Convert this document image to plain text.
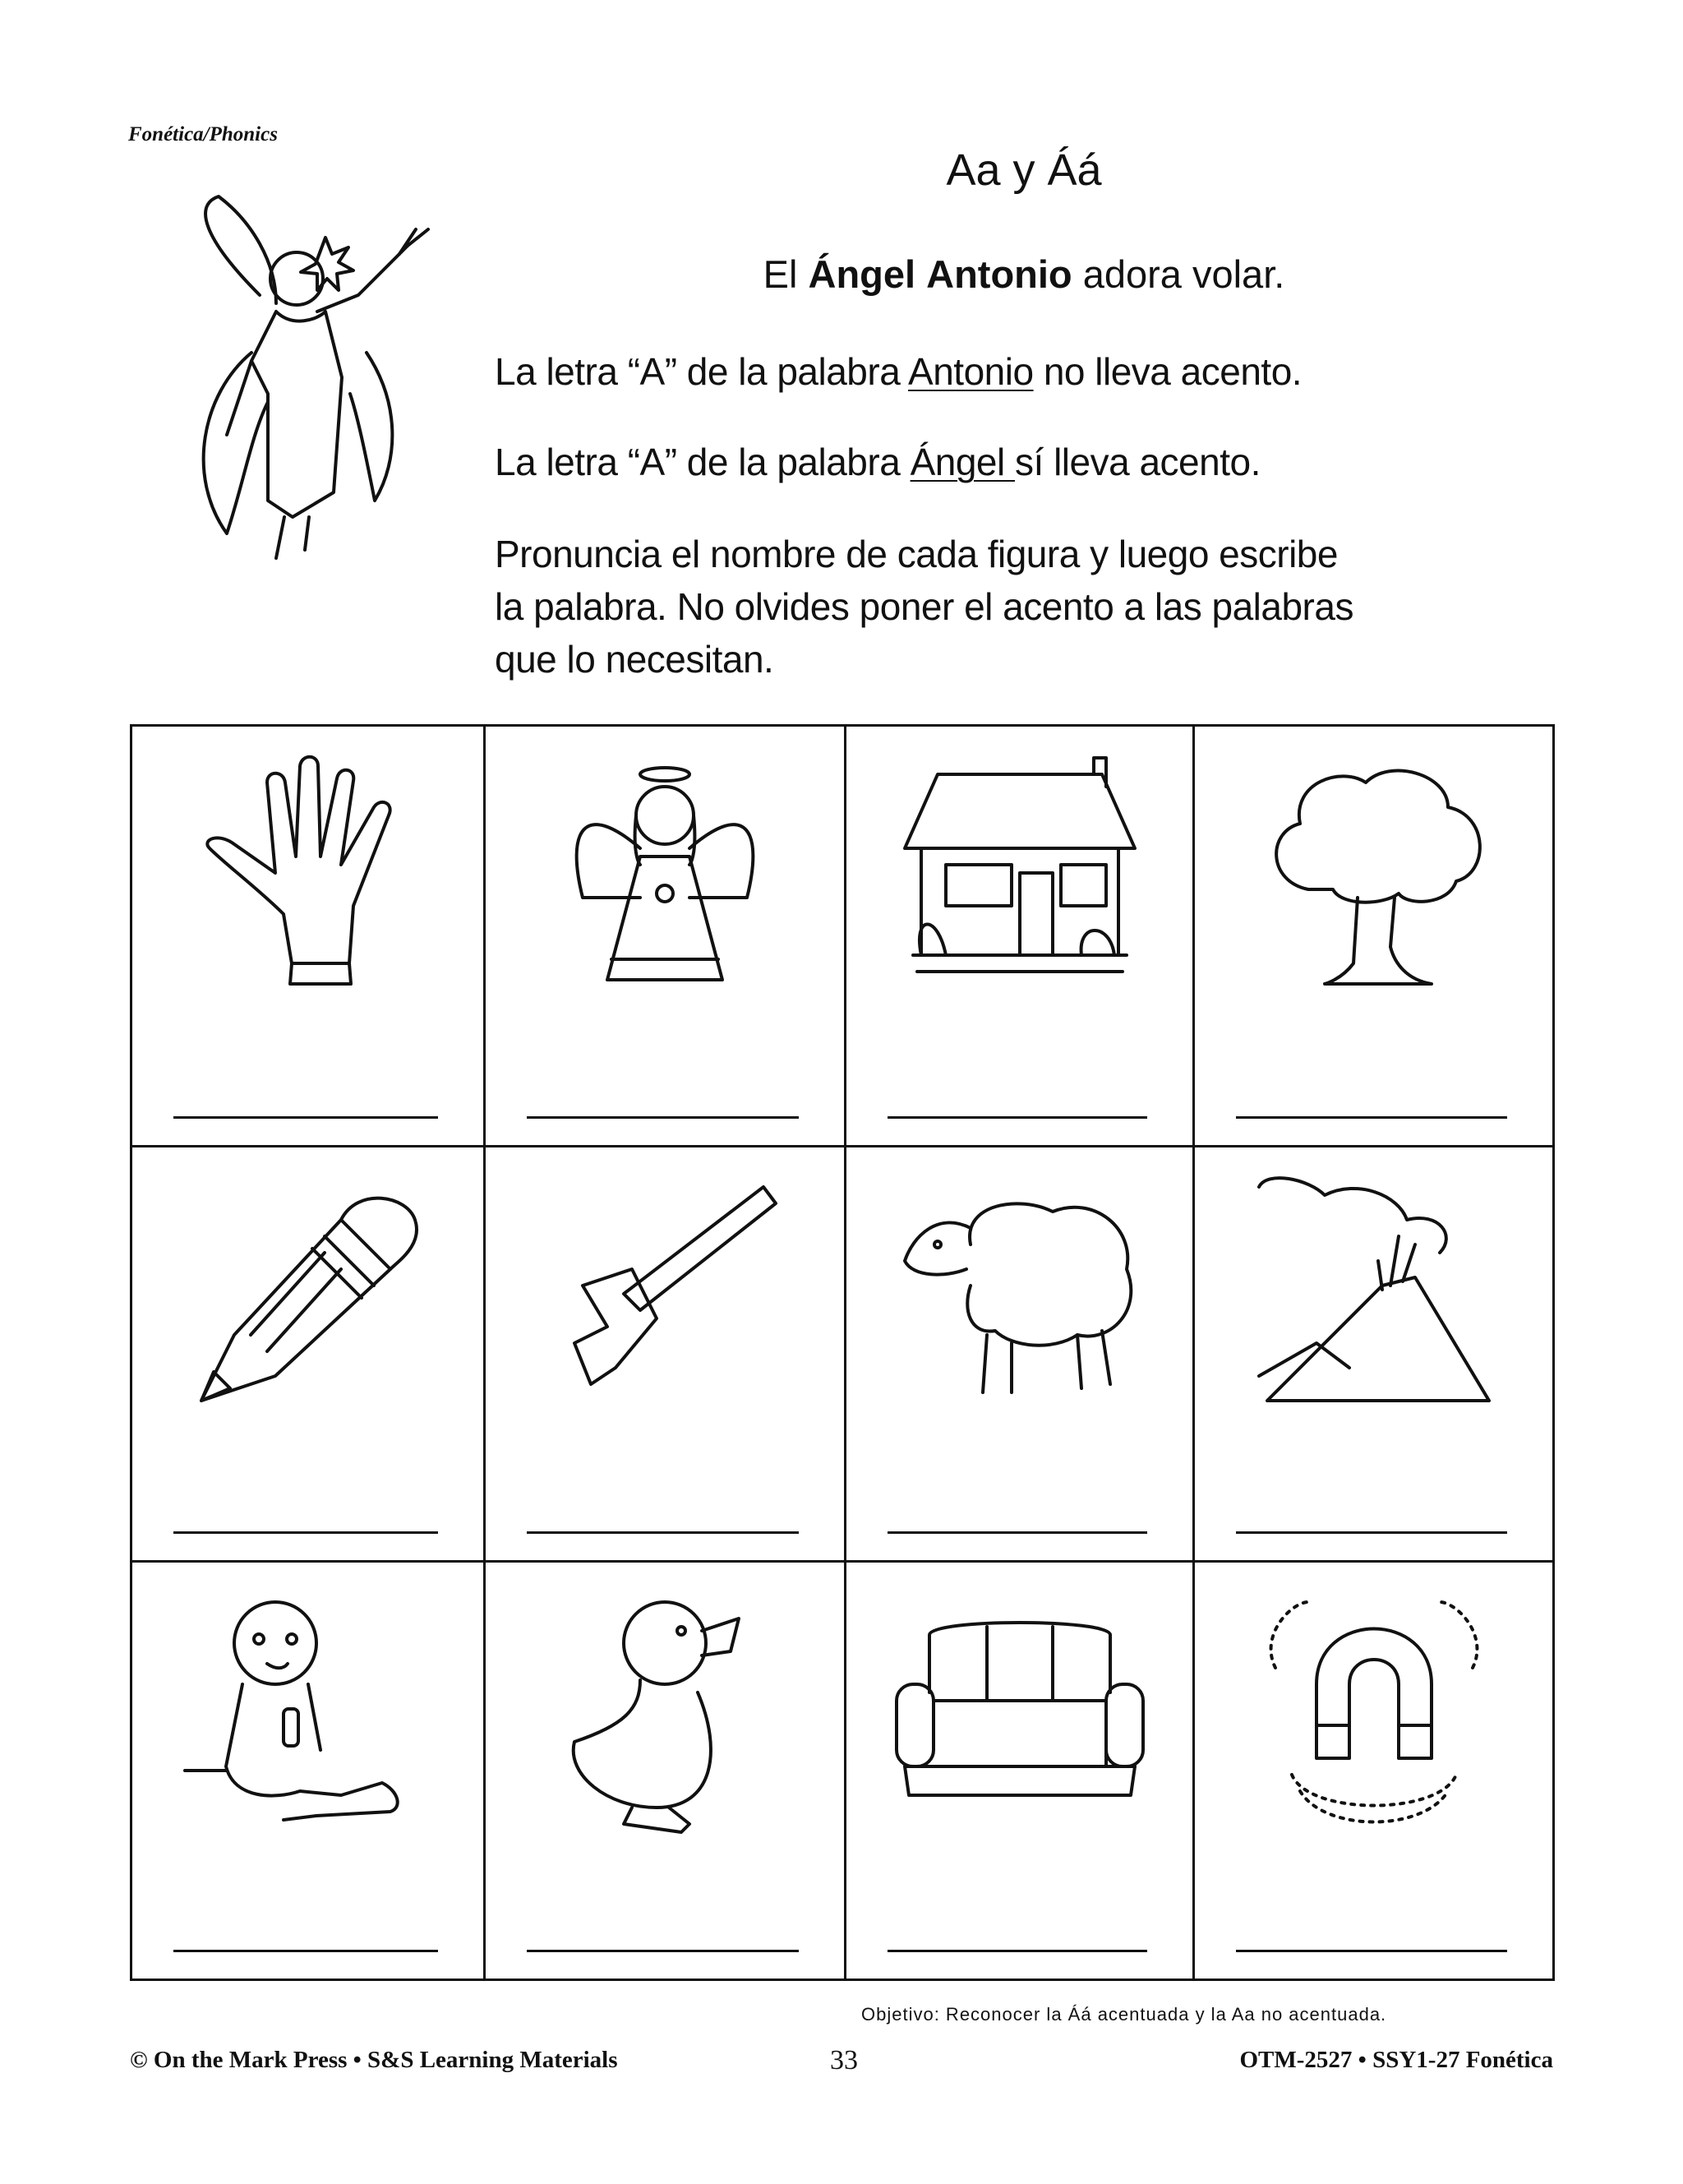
Fonética/Phonics
Aa y Áá
El Ángel Antonio adora volar.
La letra “A” de la palabra Antonio no lleva acento.
La letra “A” de la palabra Ángel sí lleva acento.
Pronuncia el nombre de cada figura y luego escribe
la palabra. No olvides poner el acento a las palabras
que lo necesitan.
Objetivo: Reconocer la Áá acentuada y la Aa no acentuada.
© On the Mark Press • S&S Learning Materials	33	OTM-2527 • SSY1-27 Fonética
